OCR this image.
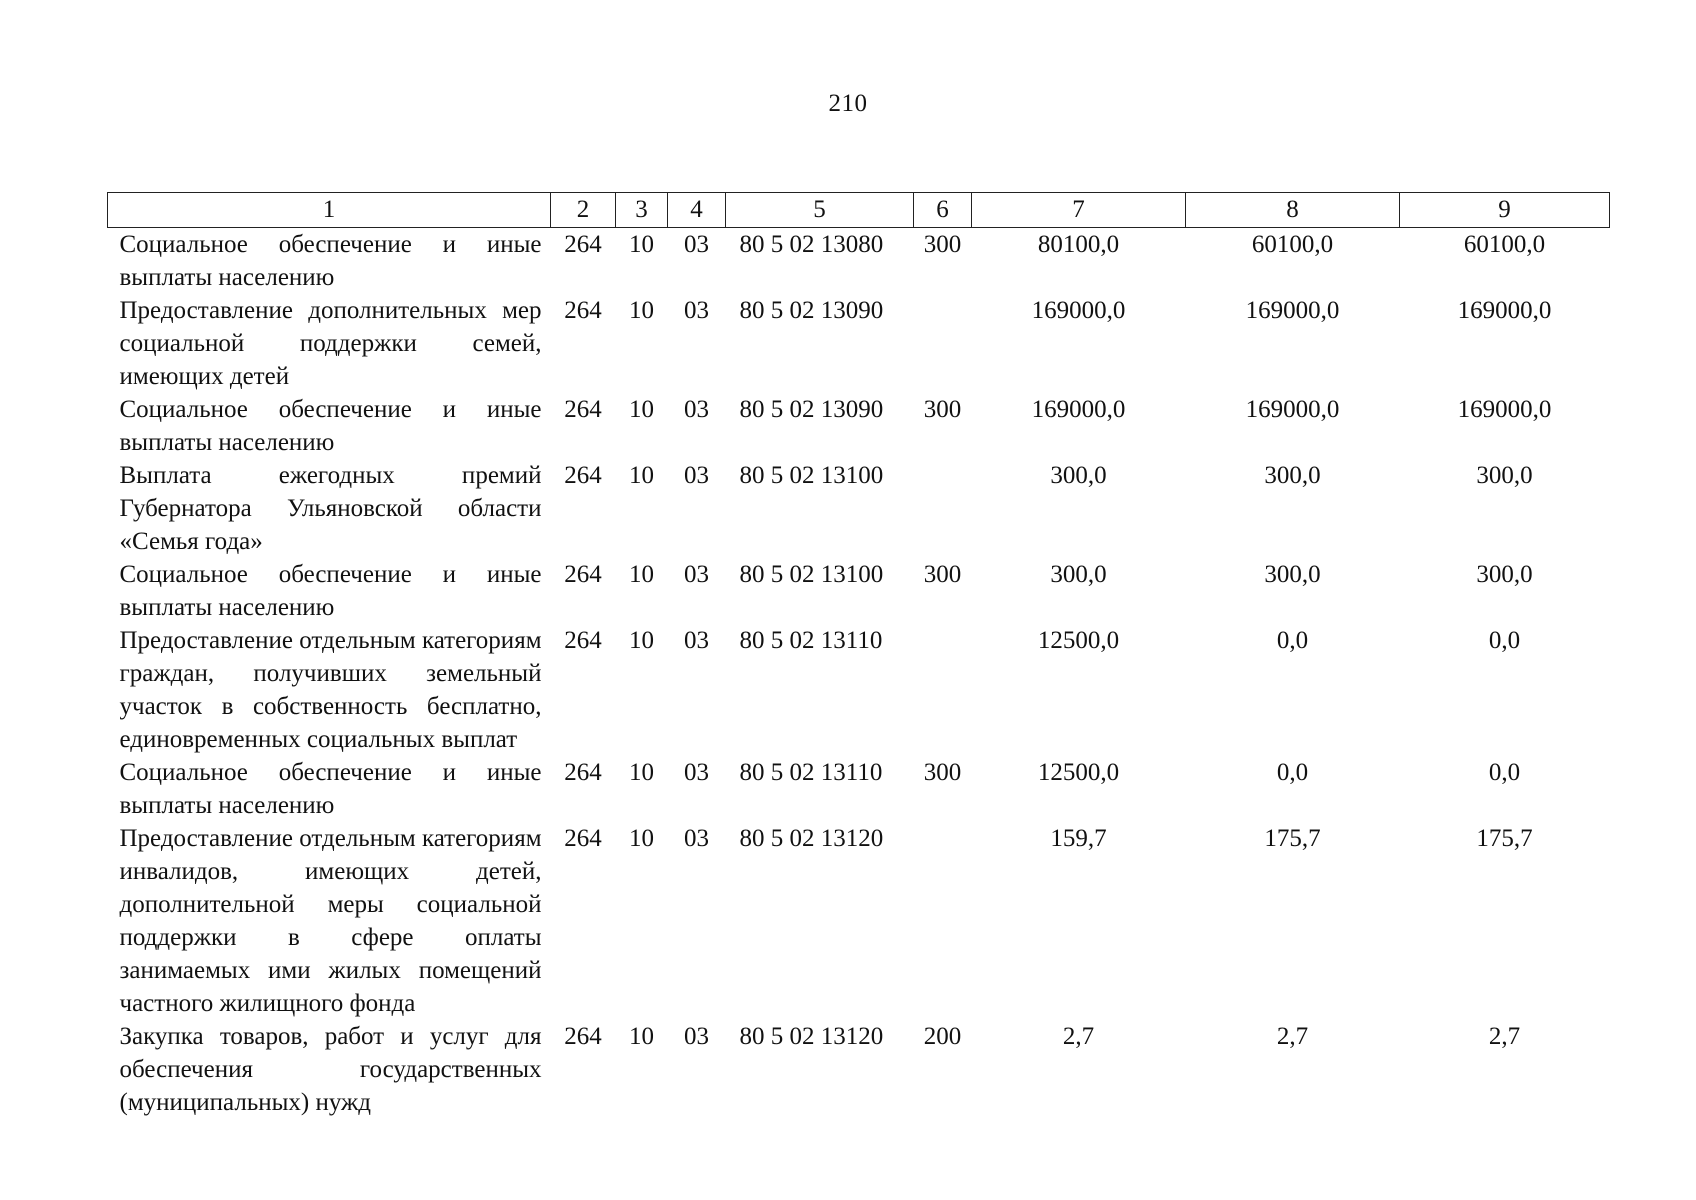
210
1	2	3	4	5	6	7	8	9
Социальное обеспечение и иные выплаты населению	264	10	03	80 5 02 13080	300	80100,0	60100,0	60100,0
Предоставление дополнительных мер социальной поддержки семей, имеющих детей	264	10	03	80 5 02 13090		169000,0	169000,0	169000,0
Социальное обеспечение и иные выплаты населению	264	10	03	80 5 02 13090	300	169000,0	169000,0	169000,0
Выплата ежегодных премий Губернатора Ульяновской области «Семья года»	264	10	03	80 5 02 13100		300,0	300,0	300,0
Социальное обеспечение и иные выплаты населению	264	10	03	80 5 02 13100	300	300,0	300,0	300,0
Предоставление отдельным категориям граждан, получивших земельный участок в собственность бесплатно, единовременных социальных выплат	264	10	03	80 5 02 13110		12500,0	0,0	0,0
Социальное обеспечение и иные выплаты населению	264	10	03	80 5 02 13110	300	12500,0	0,0	0,0
Предоставление отдельным категориям инвалидов, имеющих детей, дополнительной меры социальной поддержки в сфере оплаты занимаемых ими жилых помещений частного жилищного фонда	264	10	03	80 5 02 13120		159,7	175,7	175,7
Закупка товаров, работ и услуг для обеспечения государственных (муниципальных) нужд	264	10	03	80 5 02 13120	200	2,7	2,7	2,7
